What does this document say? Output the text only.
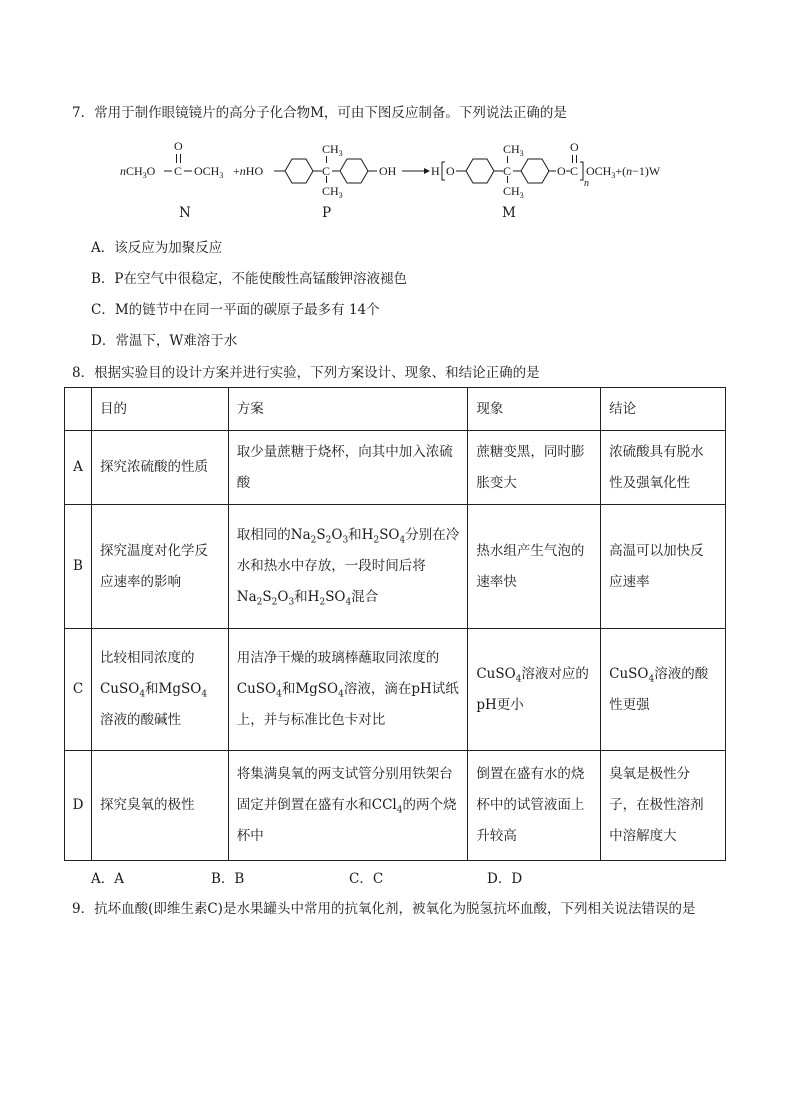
7．常用于制作眼镜镜片的高分子化合物M，可由下图反应制备。下列说法正确的是
nCH$_3$O C
O
$OCH_3 +nHO$	C
$CH_3$
$CH_3$
OH	H O	C
$CH_3$
$CH_3$
O C
O
n
$OCH_3+(n-1)W$
N	P	M
A．该反应为加聚反应
B．P在空气中很稳定，不能使酸性高锰酸钾溶液褪色
C．M的链节中在同一平面的碳原子最多有 14个
D．常温下，W难溶于水
8．根据实验目的设计方案并进行实验，下列方案设计、现象、和结论正确的是
	目的	方案	现象	结论
A	探究浓硫酸的性质	取少量蔗糖于烧杯，向其中加入浓硫酸	蔗糖变黑，同时膨胀变大	浓硫酸具有脱水性及强氧化性
B	探究温度对化学反应速率的影响	取相同的$Na_2S_2O_3$和$H_2SO_4$分别在冷水和热水中存放，一段时间后将
$Na_2S_2O_3$和$H_2SO_4$混合	热水组产生气泡的速率快	高温可以加快反应速率
C	比较相同浓度的
CuSO$_4$和MgSO$_4$溶液的酸碱性	用洁净干燥的玻璃棒蘸取同浓度的
CuSO$_4$和MgSO$_4$溶液，滴在pH试纸上，并与标准比色卡对比	CuSO$_4$溶液对应的pH更小	CuSO$_4$溶液的酸性更强
D	探究臭氧的极性	将集满臭氧的两支试管分别用铁架台固定并倒置在盛有水和CCl$_4$的两个烧杯中	倒置在盛有水的烧杯中的试管液面上升较高	臭氧是极性分子，在极性溶剂中溶解度大
A．A	B．B	C．C	D．D
9．抗坏血酸(即维生素C)是水果罐头中常用的抗氧化剂，被氧化为脱氢抗坏血酸，下列相关说法错误的是
